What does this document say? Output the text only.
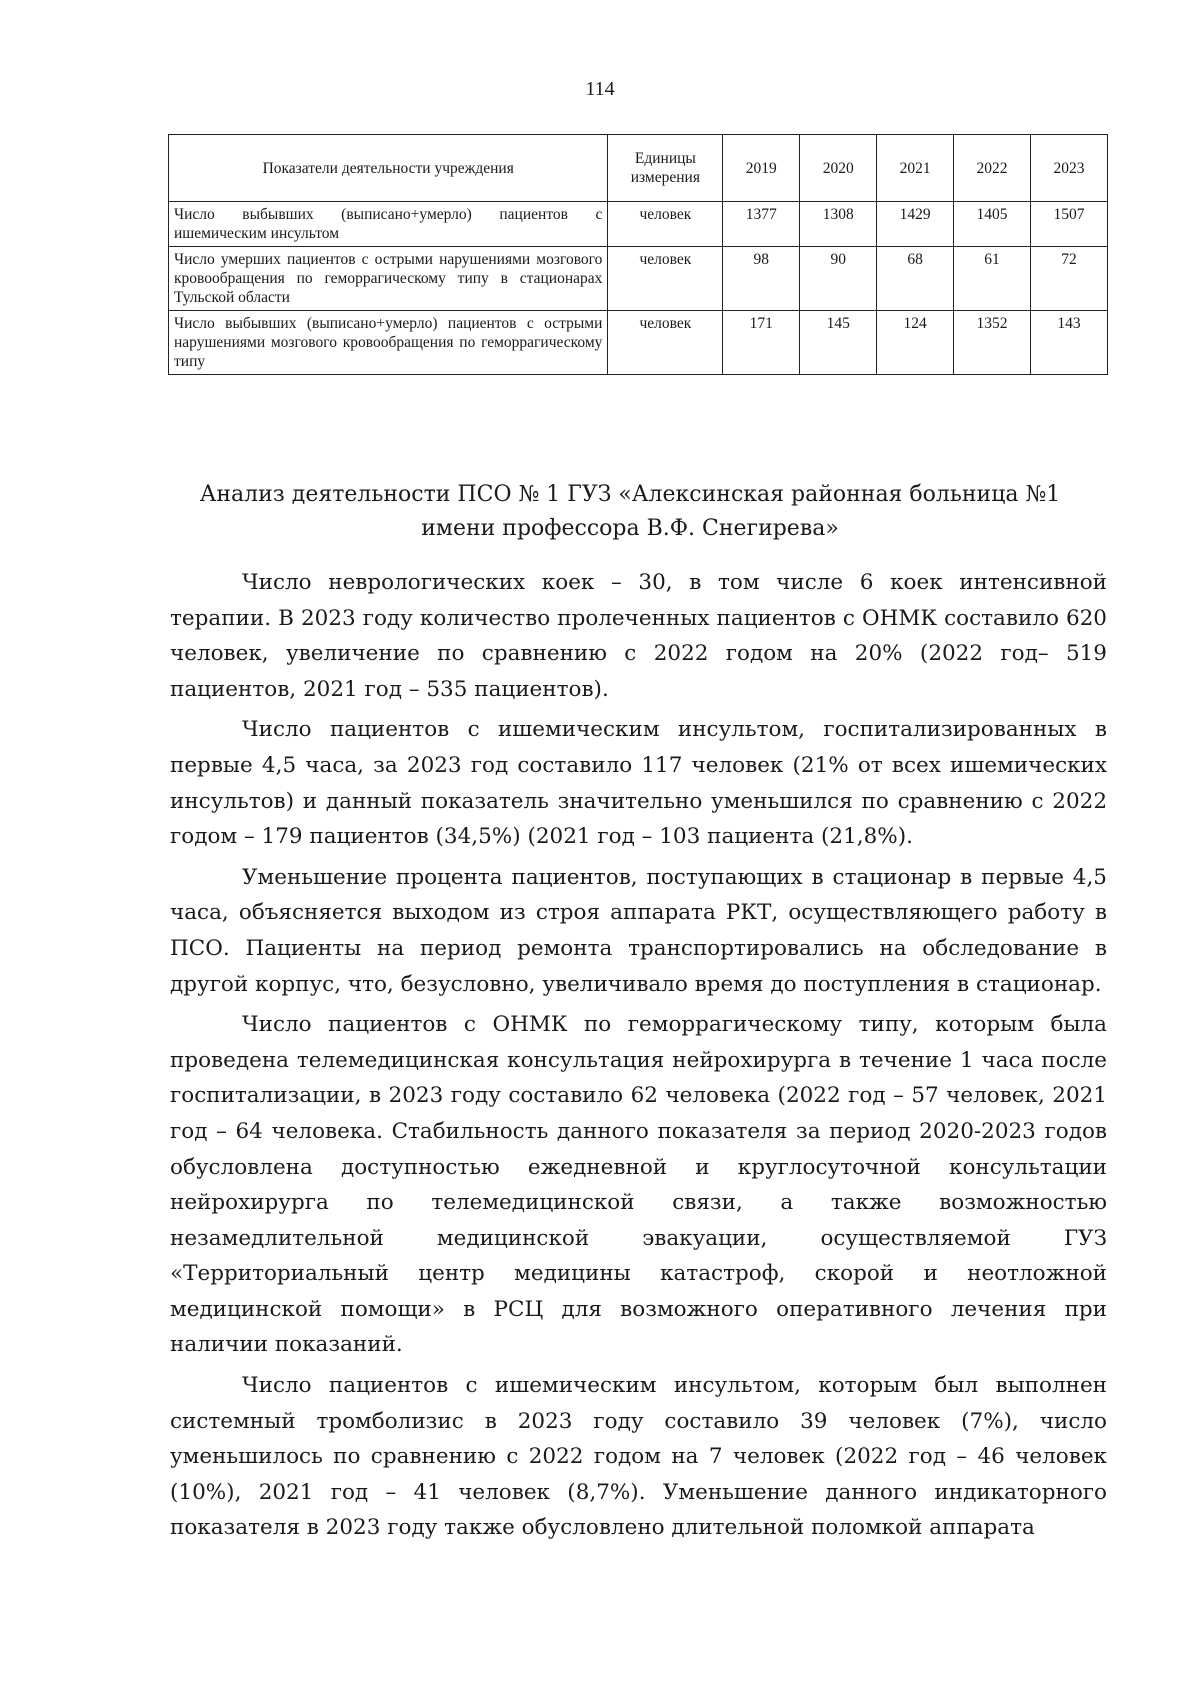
114
Показатели деятельности учреждения	Единицы измерения	2019	2020	2021	2022	2023
Число выбывших (выписано+умерло) пациентов с ишемическим инсультом	человек	1377	1308	1429	1405	1507
Число умерших пациентов с острыми нарушениями мозгового кровообращения по геморрагическому типу в стационарах Тульской области	человек	98	90	68	61	72
Число выбывших (выписано+умерло) пациентов с острыми нарушениями мозгового кровообращения по геморрагическому типу	человек	171	145	124	1352	143
Анализ деятельности ПСО № 1 ГУЗ «Алексинская районная больница №1
имени профессора В.Ф. Снегирева»

Число неврологических коек – 30, в том числе 6 коек интенсивной терапии. В 2023 году количество пролеченных пациентов с ОНМК составило 620 человек, увеличение по сравнению с 2022 годом на 20% (2022 год– 519 пациентов, 2021 год – 535 пациентов).

Число пациентов с ишемическим инсультом, госпитализированных в первые 4,5 часа, за 2023 год составило 117 человек (21% от всех ишемических инсультов) и данный показатель значительно уменьшился по сравнению с 2022 годом – 179 пациентов (34,5%) (2021 год – 103 пациента (21,8%).

Уменьшение процента пациентов, поступающих в стационар в первые 4,5 часа, объясняется выходом из строя аппарата РКТ, осуществляющего работу в ПСО. Пациенты на период ремонта транспортировались на обследование в другой корпус, что, безусловно, увеличивало время до поступления в стационар.

Число пациентов с ОНМК по геморрагическому типу, которым была проведена телемедицинская консультация нейрохирурга в течение 1 часа после госпитализации, в 2023 году составило 62 человека (2022 год – 57 человек, 2021 год – 64 человека. Стабильность данного показателя за период 2020-2023 годов обусловлена доступностью ежедневной и круглосуточной консультации нейрохирурга по телемедицинской связи, а также возможностью незамедлительной медицинской эвакуации, осуществляемой ГУЗ «Территориальный центр медицины катастроф, скорой и неотложной медицинской помощи» в РСЦ для возможного оперативного лечения при наличии показаний.

Число пациентов с ишемическим инсультом, которым был выполнен системный тромболизис в 2023 году составило 39 человек (7%), число уменьшилось по сравнению с 2022 годом на 7 человек (2022 год – 46 человек (10%), 2021 год – 41 человек (8,7%). Уменьшение данного индикаторного показателя в 2023 году также обусловлено длительной поломкой аппарата
